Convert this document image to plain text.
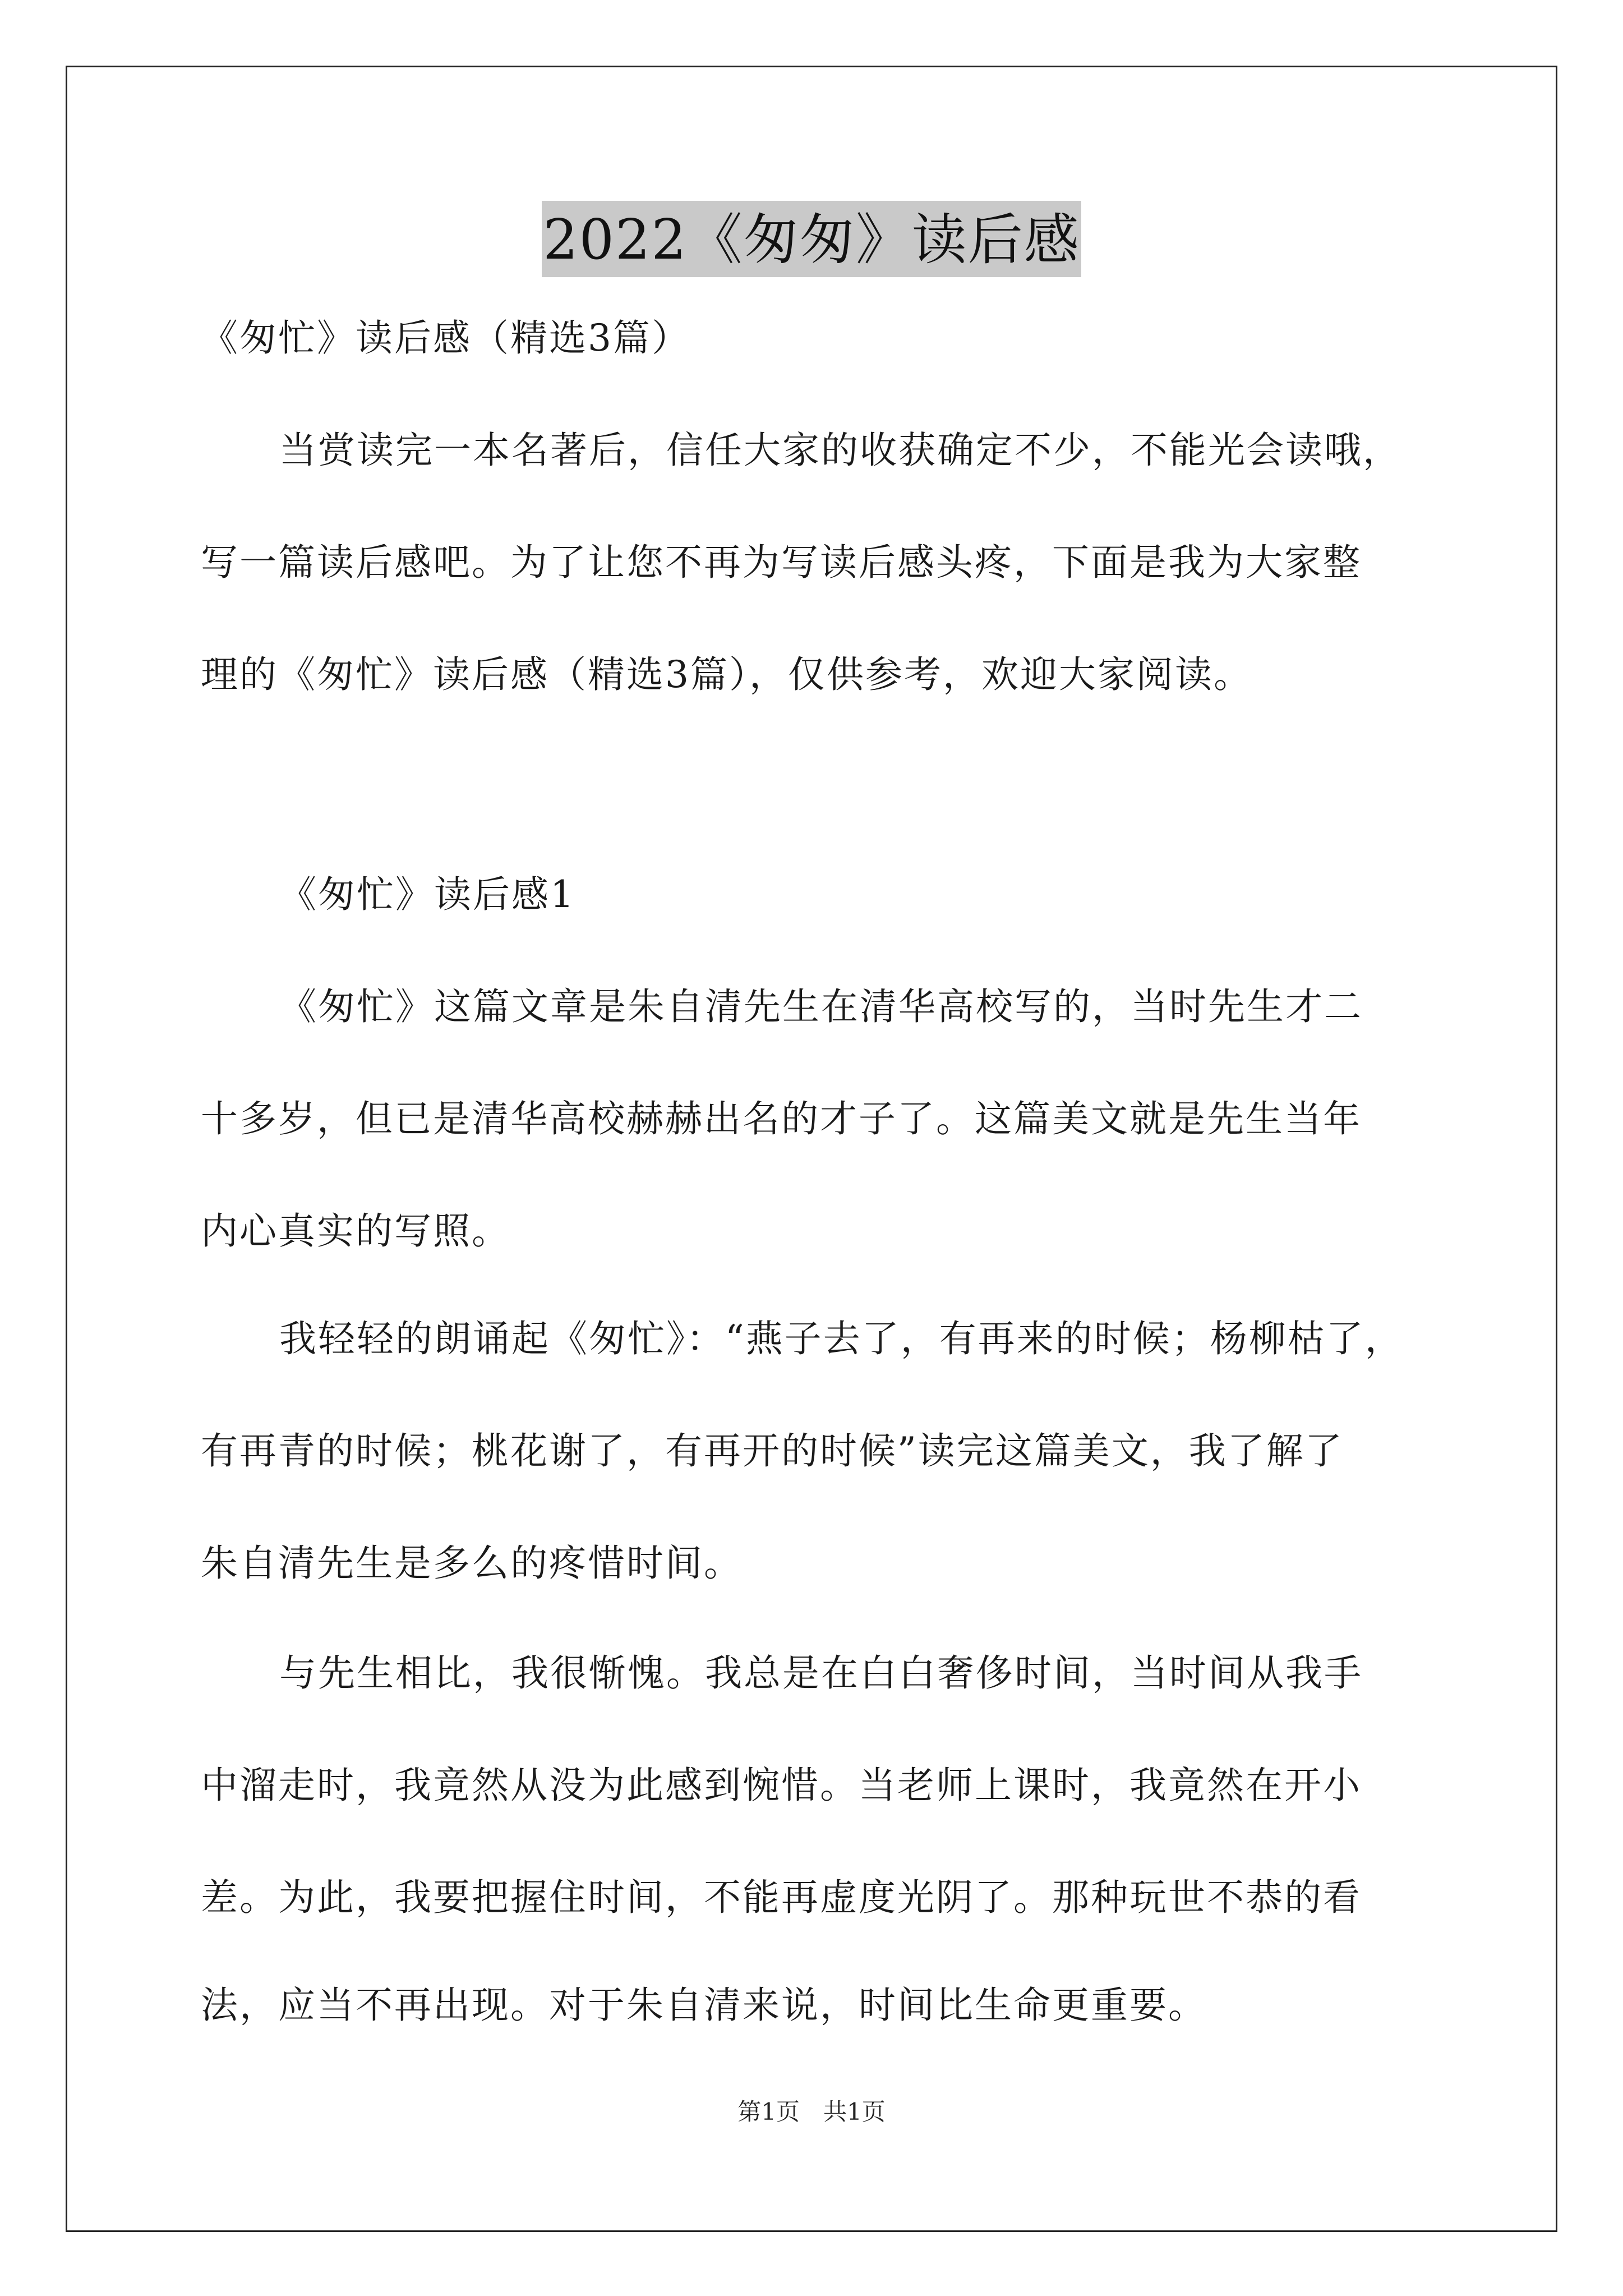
2022《匆匆》读后感
《匆忙》读后感（精选3篇）
当赏读完一本名著后，信任大家的收获确定不少，不能光会读哦，
写一篇读后感吧。为了让您不再为写读后感头疼，下面是我为大家整
理的《匆忙》读后感（精选3篇），仅供参考，欢迎大家阅读。
《匆忙》读后感1
《匆忙》这篇文章是朱自清先生在清华高校写的，当时先生才二
十多岁，但已是清华高校赫赫出名的才子了。这篇美文就是先生当年
内心真实的写照。
我轻轻的朗诵起《匆忙》：“燕子去了，有再来的时候；杨柳枯了，
有再青的时候；桃花谢了，有再开的时候”读完这篇美文，我了解了
朱自清先生是多么的疼惜时间。
与先生相比，我很惭愧。我总是在白白奢侈时间，当时间从我手
中溜走时，我竟然从没为此感到惋惜。当老师上课时，我竟然在开小
差。为此，我要把握住时间，不能再虚度光阴了。那种玩世不恭的看
法，应当不再出现。对于朱自清来说，时间比生命更重要。
第1页　共1页
